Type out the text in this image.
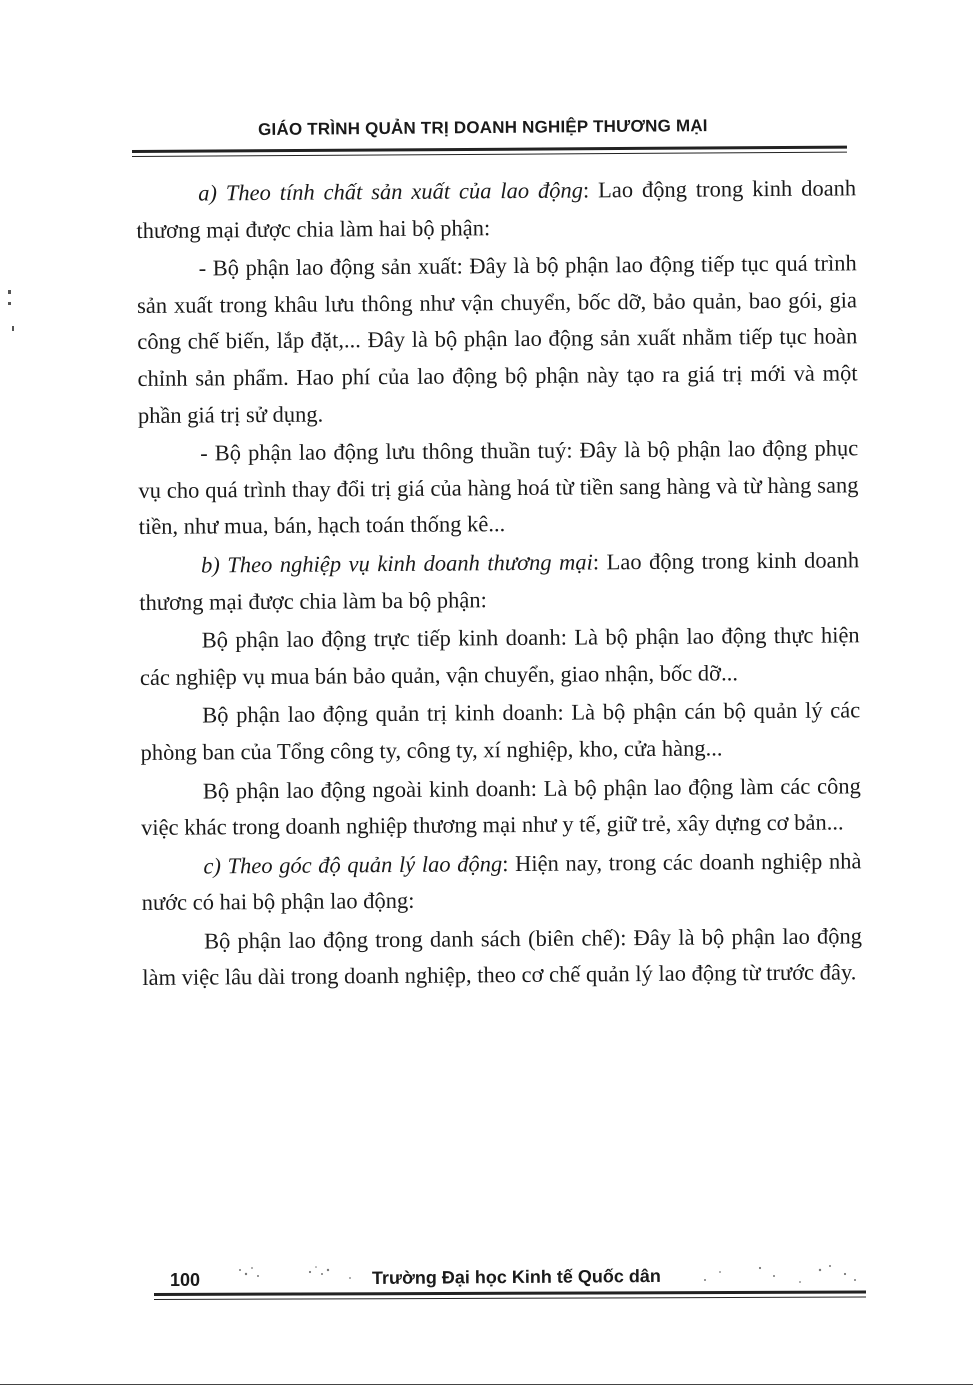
GIÁO TRÌNH QUẢN TRỊ DOANH NGHIỆP THƯƠNG MẠI

a) Theo tính chất sản xuất của lao động: Lao động trong kinh doanh thương mại được chia làm hai bộ phận:

- Bộ phận lao động sản xuất: Đây là bộ phận lao động tiếp tục quá trình sản xuất trong khâu lưu thông như vận chuyển, bốc dỡ, bảo quản, bao gói, gia công chế biến, lắp đặt,... Đây là bộ phận lao động sản xuất nhằm tiếp tục hoàn chỉnh sản phẩm. Hao phí của lao động bộ phận này tạo ra giá trị mới và một phần giá trị sử dụng.

- Bộ phận lao động lưu thông thuần tuý: Đây là bộ phận lao động phục vụ cho quá trình thay đổi trị giá của hàng hoá từ tiền sang hàng và từ hàng sang tiền, như mua, bán, hạch toán thống kê...

b) Theo nghiệp vụ kinh doanh thương mại: Lao động trong kinh doanh thương mại được chia làm ba bộ phận:

Bộ phận lao động trực tiếp kinh doanh: Là bộ phận lao động thực hiện các nghiệp vụ mua bán bảo quản, vận chuyển, giao nhận, bốc dỡ...

Bộ phận lao động quản trị kinh doanh: Là bộ phận cán bộ quản lý các phòng ban của Tổng công ty, công ty, xí nghiệp, kho, cửa hàng...

Bộ phận lao động ngoài kinh doanh: Là bộ phận lao động làm các công việc khác trong doanh nghiệp thương mại như y tế, giữ trẻ, xây dựng cơ bản...

c) Theo góc độ quản lý lao động: Hiện nay, trong các doanh nghiệp nhà nước có hai bộ phận lao động:

Bộ phận lao động trong danh sách (biên chế): Đây là bộ phận lao động làm việc lâu dài trong doanh nghiệp, theo cơ chế quản lý lao động từ trước đây.

100	Trường Đại học Kinh tế Quốc dân
